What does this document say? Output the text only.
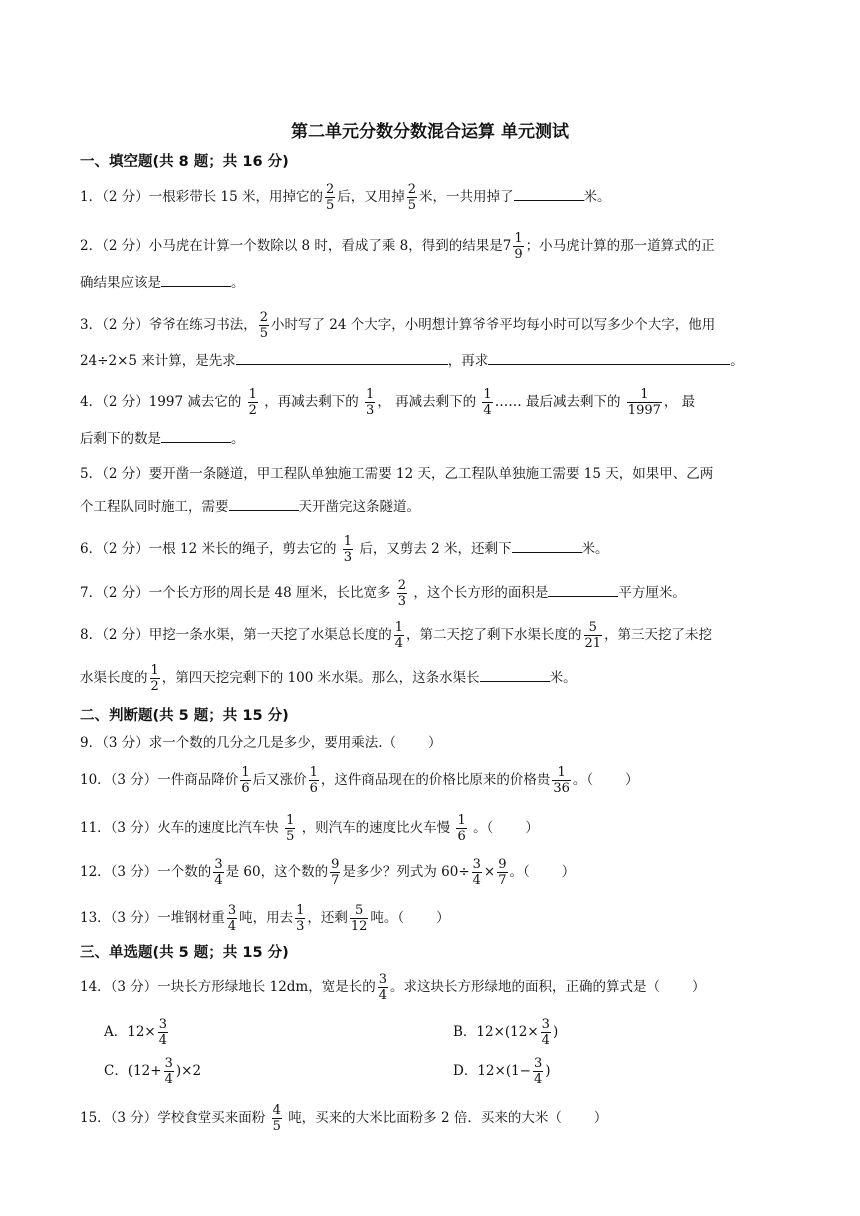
第二单元分数分数混合运算 单元测试
一、填空题(共 8 题；共 16 分)
1．（2 分）一根彩带长 15 米，用掉它的 $\frac{2}{5}$ 后，又用掉 $\frac{2}{5}$ 米，一共用掉了	米。
2．（2 分）小马虎在计算一个数除以 8 时，看成了乘 8，得到的结果是$7 \frac{1}{9}$ ；小马虎计算的那一道算式的正
确结果应该是	。
3．（2 分）爷爷在练习书法， $\frac{2}{5}$ 小时写了 24 个大字，小明想计算爷爷平均每小时可以写多少个大字，他用
24÷2×5 来计算，是先求	，再求	。
4．（2 分）1997 减去它的 $\frac{1}{2}$ ，再减去剩下的 $\frac{1}{3}$ ， 再减去剩下的 $\frac{1}{4}$ …… 最后减去剩下的 $\frac{1}{1997}$ ， 最
后剩下的数是	。
5．（2 分）要开凿一条隧道，甲工程队单独施工需要 12 天，乙工程队单独施工需要 15 天，如果甲、乙两
个工程队同时施工，需要	天开凿完这条隧道。
6．（2 分）一根 12 米长的绳子，剪去它的 $\frac{1}{3}$ 后，又剪去 2 米，还剩下	米。
7．（2 分）一个长方形的周长是 48 厘米，长比宽多 $\frac{2}{3}$ ，这个长方形的面积是	平方厘米。
8．（2 分）甲挖一条水渠，第一天挖了水渠总长度的 $\frac{1}{4}$ ，第二天挖了剩下水渠长度的 $\frac{5}{21}$ ，第三天挖了未挖
水渠长度的 $\frac{1}{2}$ ，第四天挖完剩下的 100 米水渠。那么，这条水渠长	米。
二、判断题(共 5 题；共 15 分)
9．（3 分）求一个数的几分之几是多少，要用乘法.（ ）
10．（3 分）一件商品降价 $\frac{1}{6}$ 后又涨价 $\frac{1}{6}$ ，这件商品现在的价格比原来的价格贵 $\frac{1}{36}$ 。（ ）
11．（3 分）火车的速度比汽车快 $\frac{1}{5}$ ，则汽车的速度比火车慢 $\frac{1}{6}$ 。（ ）
12．（3 分）一个数的 $\frac{3}{4}$ 是 60，这个数的 $\frac{9}{7}$ 是多少？列式为 $60\div \frac{3}{4} \times \frac{9}{7}$ 。（ ）
13．（3 分）一堆钢材重 $\frac{3}{4}$ 吨，用去 $\frac{1}{3}$ ，还剩 $\frac{5}{12}$ 吨。（ ）
三、单选题(共 5 题；共 15 分)
14．（3 分）一块长方形绿地长 12dm，宽是长的 $\frac{3}{4}$ 。求这块长方形绿地的面积，正确的算式是（ ）
A．$12\times \frac{3}{4}$	B．$12\times(12\times \frac{3}{4}$ )
C．$(12+ \frac{3}{4} )\times 2$	D．$12\times(1- \frac{3}{4}$ )
15．（3 分）学校食堂买来面粉 $\frac{4}{5}$ 吨，买来的大米比面粉多 2 倍．买来的大米（ ）
